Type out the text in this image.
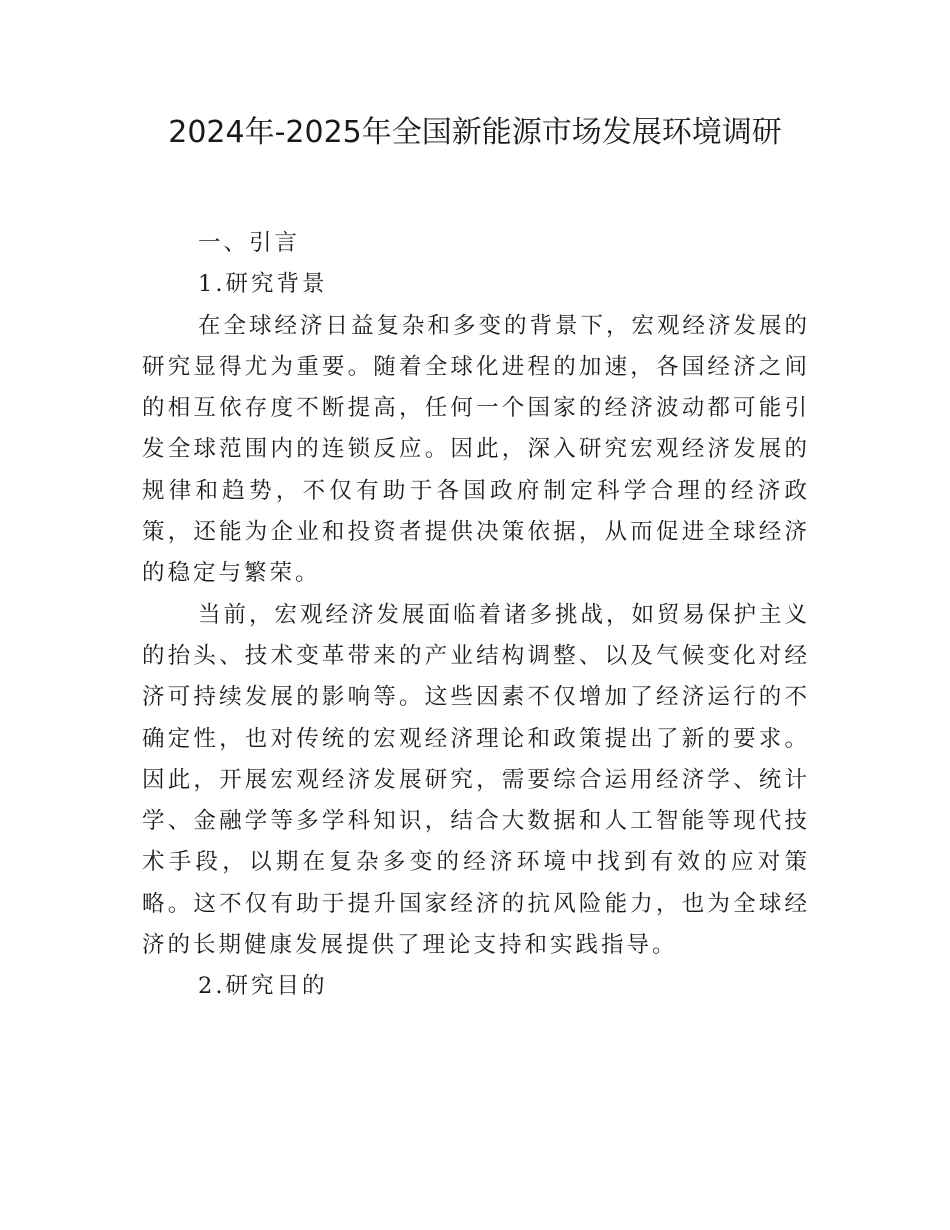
2024年-2025年全国新能源市场发展环境调研

一、引言

1.研究背景

在全球经济日益复杂和多变的背景下，宏观经济发展的研究显得尤为重要。随着全球化进程的加速，各国经济之间的相互依存度不断提高，任何一个国家的经济波动都可能引发全球范围内的连锁反应。因此，深入研究宏观经济发展的规律和趋势，不仅有助于各国政府制定科学合理的经济政策，还能为企业和投资者提供决策依据，从而促进全球经济的稳定与繁荣。

当前，宏观经济发展面临着诸多挑战，如贸易保护主义的抬头、技术变革带来的产业结构调整、以及气候变化对经济可持续发展的影响等。这些因素不仅增加了经济运行的不确定性，也对传统的宏观经济理论和政策提出了新的要求。因此，开展宏观经济发展研究，需要综合运用经济学、统计学、金融学等多学科知识，结合大数据和人工智能等现代技术手段，以期在复杂多变的经济环境中找到有效的应对策略。这不仅有助于提升国家经济的抗风险能力，也为全球经济的长期健康发展提供了理论支持和实践指导。

2.研究目的
